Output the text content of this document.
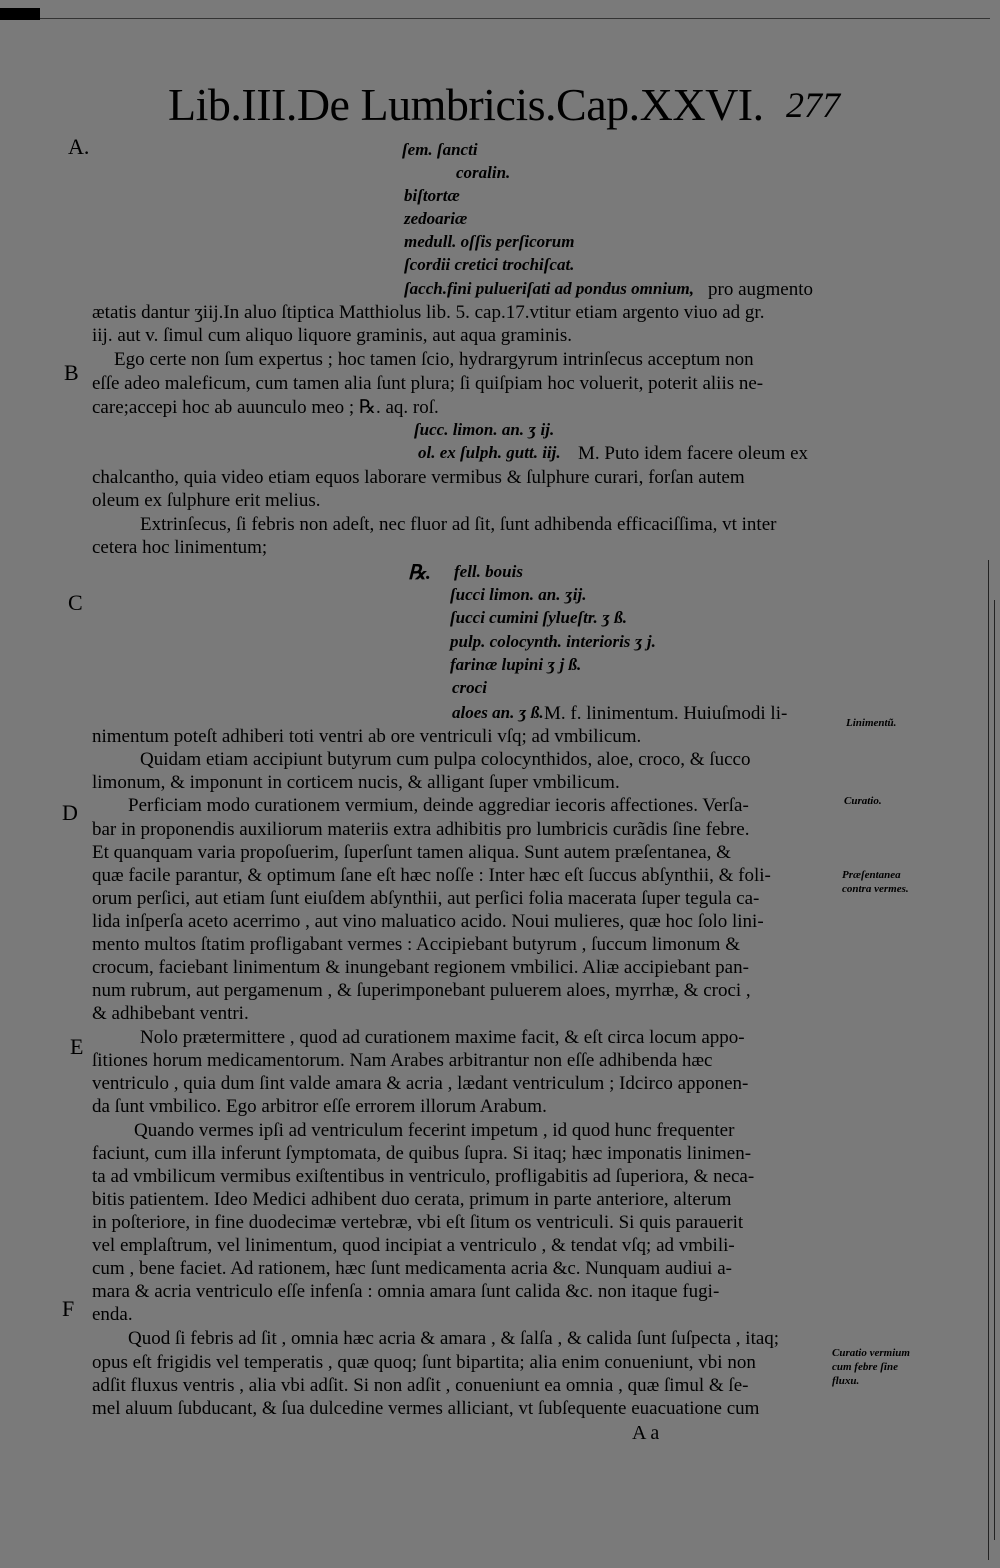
Lib.III.De Lumbricis.Cap.XXVI. 277
A.
B
C
D
E
F
Linimentũ.
Curatio.
Præſentanea contra vermes.
Curatio vermium cum febre ſine fluxu.
ſem. ſancti
coralin.
biſtortæ
zedoariæ
medull. oſſis perſicorum
ſcordii cretici trochiſcat.
ſacch.fini pulueriſati ad pondus omnium, pro augmento
ætatis dantur ʒiij.In aluo ſtiptica Matthiolus lib. 5. cap.17.vtitur etiam argento viuo ad gr.
iij. aut v. ſimul cum aliquo liquore graminis, aut aqua graminis.
Ego certe non ſum expertus ; hoc tamen ſcio, hydrargyrum intrinſecus acceptum non
eſſe adeo maleficum, cum tamen alia ſunt plura; ſi quiſpiam hoc voluerit, poterit aliis ne-
care;accepi hoc ab auunculo meo ; ℞. aq. roſ.
ſucc. limon. an. ʒ ij.
ol. ex ſulph. gutt. iij. M. Puto idem facere oleum ex
chalcantho, quia video etiam equos laborare vermibus & ſulphure curari, forſan autem
oleum ex ſulphure erit melius.
Extrinſecus, ſi febris non adeſt, nec fluor ad ſit, ſunt adhibenda efficaciſſima, vt inter
cetera hoc linimentum;
℞. fell. bouis
ſucci limon. an. ʒij.
ſucci cumini ſylueſtr. ʒ ß.
pulp. colocynth. interioris ʒ j.
farinæ lupini ʒ j ß.
croci
aloes an. ʒ ß. M. f. linimentum. Huiuſmodi li-
nimentum poteſt adhiberi toti ventri ab ore ventriculi vſq; ad vmbilicum.
Quidam etiam accipiunt butyrum cum pulpa colocynthidos, aloe, croco, & ſucco
limonum, & imponunt in corticem nucis, & alligant ſuper vmbilicum.
Perficiam modo curationem vermium, deinde aggrediar iecoris affectiones. Verſa-
bar in proponendis auxiliorum materiis extra adhibitis pro lumbricis curãdis ſine febre.
Et quanquam varia propoſuerim, ſuperſunt tamen aliqua. Sunt autem præſentanea, &
quæ facile parantur, & optimum ſane eſt hæc noſſe : Inter hæc eſt ſuccus abſynthii, & foli-
orum perſici, aut etiam ſunt eiuſdem abſynthii, aut perſici folia macerata ſuper tegula ca-
lida inſperſa aceto acerrimo , aut vino maluatico acido. Noui mulieres, quæ hoc ſolo lini-
mento multos ſtatim profligabant vermes : Accipiebant butyrum , ſuccum limonum &
crocum, faciebant linimentum & inungebant regionem vmbilici. Aliæ accipiebant pan-
num rubrum, aut pergamenum , & ſuperimponebant puluerem aloes, myrrhæ, & croci ,
& adhibebant ventri.
Nolo prætermittere , quod ad curationem maxime facit, & eſt circa locum appo-
ſitiones horum medicamentorum. Nam Arabes arbitrantur non eſſe adhibenda hæc
ventriculo , quia dum ſint valde amara & acria , lædant ventriculum ; Idcirco apponen-
da ſunt vmbilico. Ego arbitror eſſe errorem illorum Arabum.
Quando vermes ipſi ad ventriculum fecerint impetum , id quod hunc frequenter
faciunt, cum illa inferunt ſymptomata, de quibus ſupra. Si itaq; hæc imponatis linimen-
ta ad vmbilicum vermibus exiſtentibus in ventriculo, profligabitis ad ſuperiora, & neca-
bitis patientem. Ideo Medici adhibent duo cerata, primum in parte anteriore, alterum
in poſteriore, in fine duodecimæ vertebræ, vbi eſt ſitum os ventriculi. Si quis parauerit
vel emplaſtrum, vel linimentum, quod incipiat a ventriculo , & tendat vſq; ad vmbili-
cum , bene faciet. Ad rationem, hæc ſunt medicamenta acria &c. Nunquam audiui a-
mara & acria ventriculo eſſe infenſa : omnia amara ſunt calida &c. non itaque fugi-
enda.
Quod ſi febris ad ſit , omnia hæc acria & amara , & ſalſa , & calida ſunt ſuſpecta , itaq;
opus eſt frigidis vel temperatis , quæ quoq; ſunt bipartita; alia enim conueniunt, vbi non
adſit fluxus ventris , alia vbi adſit. Si non adſit , conueniunt ea omnia , quæ ſimul & ſe-
mel aluum ſubducant, & ſua dulcedine vermes alliciant, vt ſubſequente euacuatione cum
A a
